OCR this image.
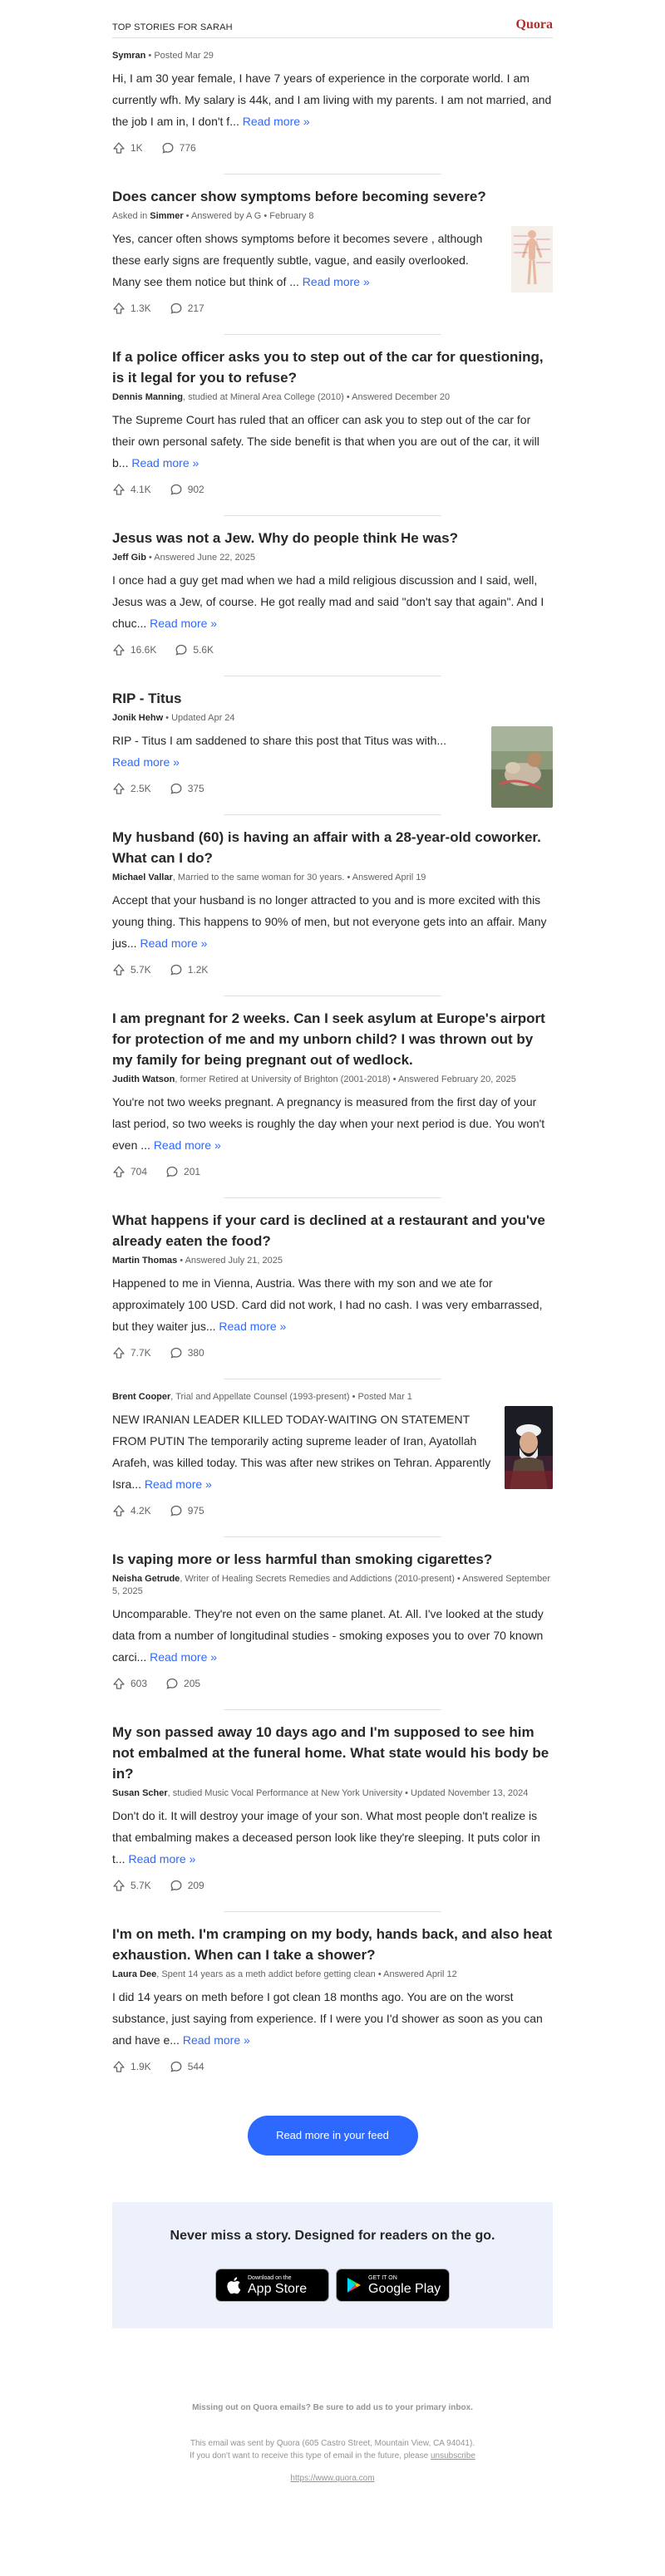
TOP STORIES FOR SARAH	Quora
Symran • Posted Mar 29
Hi, I am 30 year female, I have 7 years of experience in the corporate world. I am currently wfh. My salary is 44k, and I am living with my parents. I am not married, and the job I am in, I don't f... Read more »
1K	776
Does cancer show symptoms before becoming severe?
Asked in Simmer • Answered by A G • February 8
Yes, cancer often shows symptoms before it becomes severe , although these early signs are frequently subtle, vague, and easily overlooked. Many see them notice but think of ... Read more »
1.3K	217
If a police officer asks you to step out of the car for questioning, is it legal for you to refuse?
Dennis Manning, studied at Mineral Area College (2010) • Answered December 20
The Supreme Court has ruled that an officer can ask you to step out of the car for their own personal safety. The side benefit is that when you are out of the car, it will b... Read more »
4.1K	902
Jesus was not a Jew. Why do people think He was?
Jeff Gib • Answered June 22, 2025
I once had a guy get mad when we had a mild religious discussion and I said, well, Jesus was a Jew, of course. He got really mad and said "don't say that again". And I chuc... Read more »
16.6K	5.6K
RIP - Titus
Jonik Hehw • Updated Apr 24
RIP - Titus I am saddened to share this post that Titus was with... Read more »
2.5K	375
My husband (60) is having an affair with a 28-year-old coworker. What can I do?
Michael Vallar, Married to the same woman for 30 years. • Answered April 19
Accept that your husband is no longer attracted to you and is more excited with this young thing. This happens to 90% of men, but not everyone gets into an affair. Many jus... Read more »
5.7K	1.2K
I am pregnant for 2 weeks. Can I seek asylum at Europe's airport for protection of me and my unborn child? I was thrown out by my family for being pregnant out of wedlock.
Judith Watson, former Retired at University of Brighton (2001-2018) • Answered February 20, 2025
You're not two weeks pregnant. A pregnancy is measured from the first day of your last period, so two weeks is roughly the day when your next period is due. You won't even ... Read more »
704	201
What happens if your card is declined at a restaurant and you've already eaten the food?
Martin Thomas • Answered July 21, 2025
Happened to me in Vienna, Austria. Was there with my son and we ate for approximately 100 USD. Card did not work, I had no cash. I was very embarrassed, but they waiter jus... Read more »
7.7K	380
Brent Cooper, Trial and Appellate Counsel (1993-present) • Posted Mar 1
NEW IRANIAN LEADER KILLED TODAY-WAITING ON STATEMENT FROM PUTIN The temporarily acting supreme leader of Iran, Ayatollah Arafeh, was killed today. This was after new strikes on Tehran. Apparently Isra... Read more »
4.2K	975
Is vaping more or less harmful than smoking cigarettes?
Neisha Getrude, Writer of Healing Secrets Remedies and Addictions (2010-present) • Answered September 5, 2025
Uncomparable. They're not even on the same planet. At. All. I've looked at the study data from a number of longitudinal studies - smoking exposes you to over 70 known carci... Read more »
603	205
My son passed away 10 days ago and I'm supposed to see him not embalmed at the funeral home. What state would his body be in?
Susan Scher, studied Music Vocal Performance at New York University • Updated November 13, 2024
Don't do it. It will destroy your image of your son. What most people don't realize is that embalming makes a deceased person look like they're sleeping. It puts color in t... Read more »
5.7K	209
I'm on meth. I'm cramping on my body, hands back, and also heat exhaustion. When can I take a shower?
Laura Dee, Spent 14 years as a meth addict before getting clean • Answered April 12
I did 14 years on meth before I got clean 18 months ago. You are on the worst substance, just saying from experience. If I were you I'd shower as soon as you can and have e... Read more »
1.9K	544
Read more in your feed
Never miss a story. Designed for readers on the go.
Download on the
App Store
GET IT ON
Google Play
Missing out on Quora emails? Be sure to add us to your primary inbox.
This email was sent by Quora (605 Castro Street, Mountain View, CA 94041).
If you don't want to receive this type of email in the future, please unsubscribe
https://www.quora.com
